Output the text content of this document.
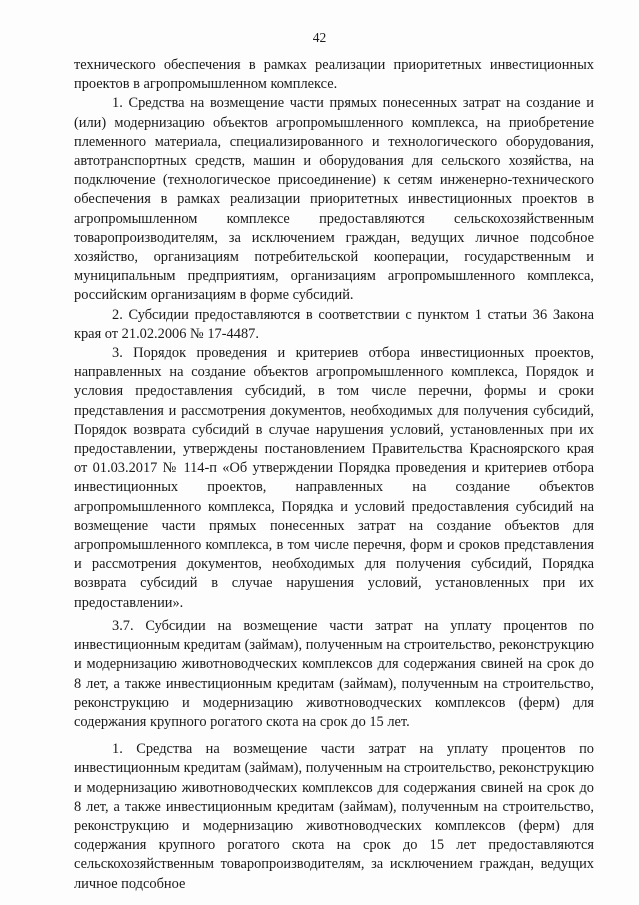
42

технического обеспечения в рамках реализации приоритетных инвестиционных проектов в агропромышленном комплексе.

1. Средства на возмещение части прямых понесенных затрат на создание и (или) модернизацию объектов агропромышленного комплекса, на приобретение племенного материала, специализированного и технологического оборудования, автотранспортных средств, машин и оборудования для сельского хозяйства, на подключение (технологическое присоединение) к сетям инженерно-технического обеспечения в рамках реализации приоритетных инвестиционных проектов в агропромышленном комплексе предоставляются сельскохозяйственным товаропроизводителям, за исключением граждан, ведущих личное подсобное хозяйство, организациям потребительской кооперации, государственным и муниципальным предприятиям, организациям агропромышленного комплекса, российским организациям в форме субсидий.

2. Субсидии предоставляются в соответствии с пунктом 1 статьи 36 Закона края от 21.02.2006 № 17-4487.

3. Порядок проведения и критериев отбора инвестиционных проектов, направленных на создание объектов агропромышленного комплекса, Порядок и условия предоставления субсидий, в том числе перечни, формы и сроки представления и рассмотрения документов, необходимых для получения субсидий, Порядок возврата субсидий в случае нарушения условий, установленных при их предоставлении, утверждены постановлением Правительства Красноярского края от 01.03.2017 № 114-п «Об утверждении Порядка проведения и критериев отбора инвестиционных проектов, направленных на создание объектов агропромышленного комплекса, Порядка и условий предоставления субсидий на возмещение части прямых понесенных затрат на создание объектов для агропромышленного комплекса, в том числе перечня, форм и сроков представления и рассмотрения документов, необходимых для получения субсидий, Порядка возврата субсидий в случае нарушения условий, установленных при их предоставлении».

3.7. Субсидии на возмещение части затрат на уплату процентов по инвестиционным кредитам (займам), полученным на строительство, реконструкцию и модернизацию животноводческих комплексов для содержания свиней на срок до 8 лет, а также инвестиционным кредитам (займам), полученным на строительство, реконструкцию и модернизацию животноводческих комплексов (ферм) для содержания крупного рогатого скота на срок до 15 лет.

1. Средства на возмещение части затрат на уплату процентов по инвестиционным кредитам (займам), полученным на строительство, реконструкцию и модернизацию животноводческих комплексов для содержания свиней на срок до 8 лет, а также инвестиционным кредитам (займам), полученным на строительство, реконструкцию и модернизацию животноводческих комплексов (ферм) для содержания крупного рогатого скота на срок до 15 лет предоставляются сельскохозяйственным товаропроизводителям, за исключением граждан, ведущих личное подсобное
